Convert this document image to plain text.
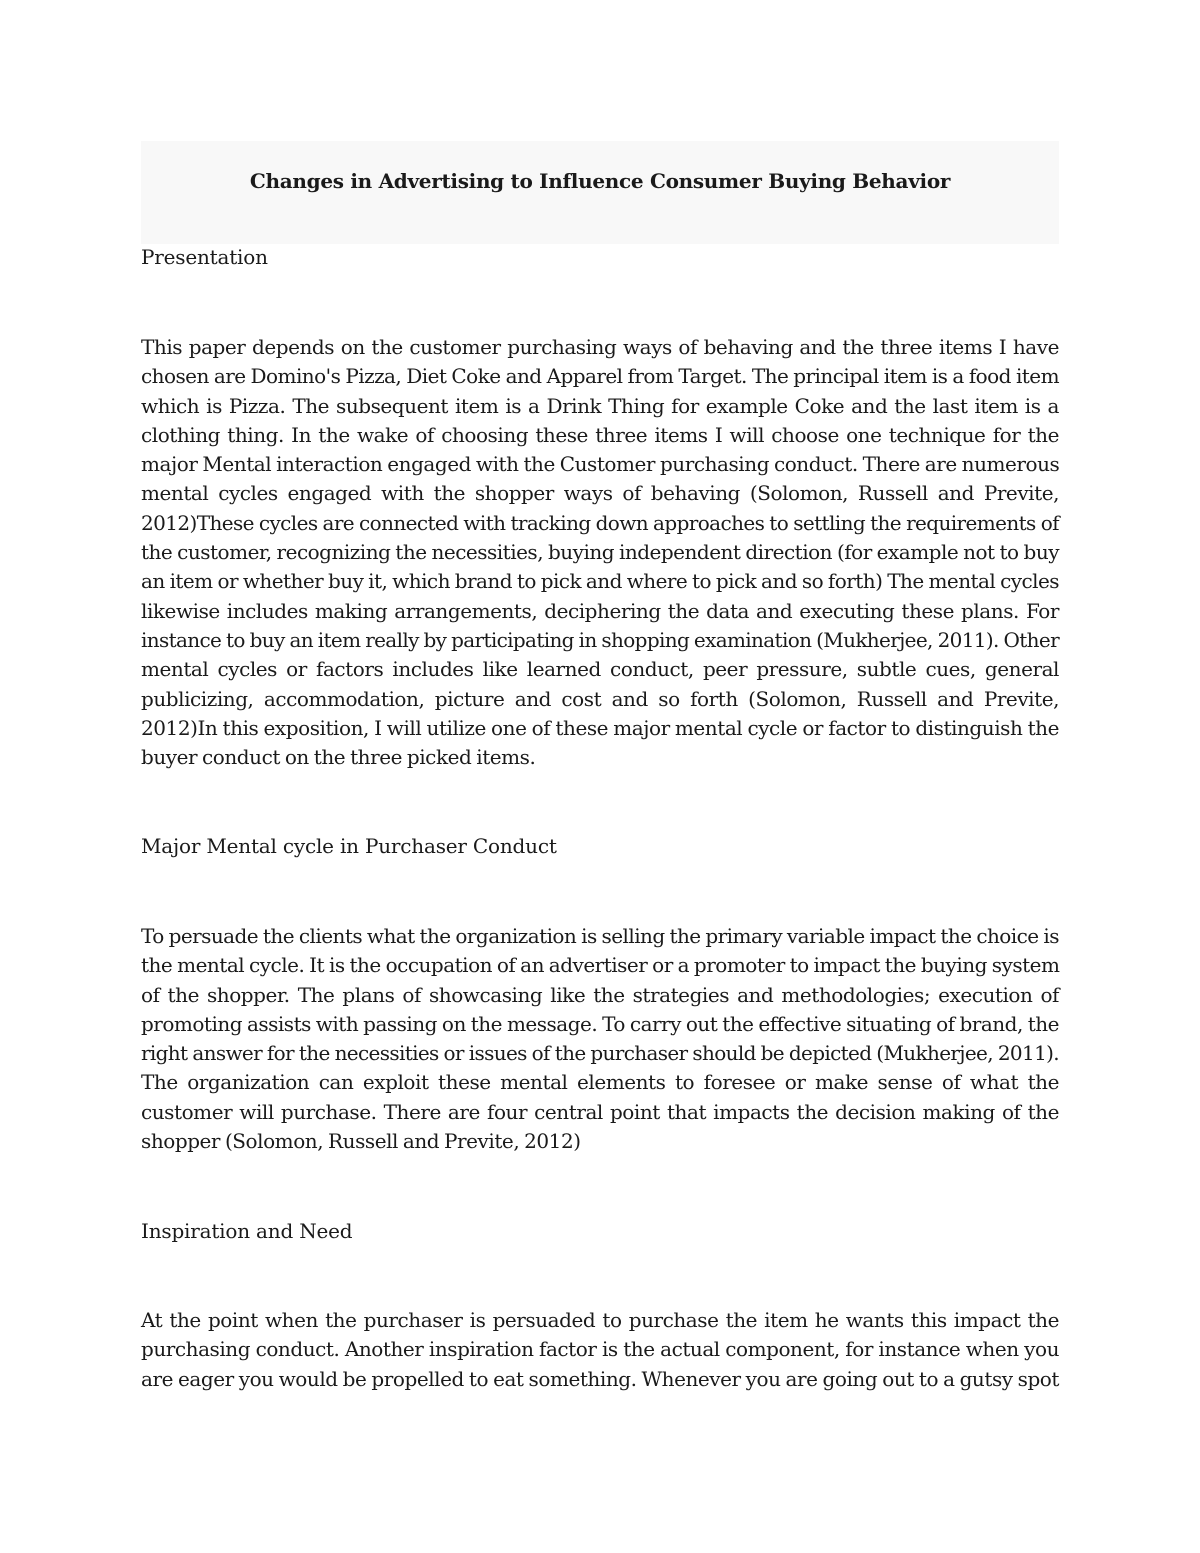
Changes in Advertising to Influence Consumer Buying Behavior

Presentation

This paper depends on the customer purchasing ways of behaving and the three items I have
chosen are Domino's Pizza, Diet Coke and Apparel from Target. The principal item is a food item
which is Pizza. The subsequent item is a Drink Thing for example Coke and the last item is a
clothing thing. In the wake of choosing these three items I will choose one technique for the
major Mental interaction engaged with the Customer purchasing conduct. There are numerous
mental cycles engaged with the shopper ways of behaving (Solomon, Russell and Previte,
2012)These cycles are connected with tracking down approaches to settling the requirements of
the customer, recognizing the necessities, buying independent direction (for example not to buy
an item or whether buy it, which brand to pick and where to pick and so forth) The mental cycles
likewise includes making arrangements, deciphering the data and executing these plans. For
instance to buy an item really by participating in shopping examination (Mukherjee, 2011). Other
mental cycles or factors includes like learned conduct, peer pressure, subtle cues, general
publicizing, accommodation, picture and cost and so forth (Solomon, Russell and Previte,
2012)In this exposition, I will utilize one of these major mental cycle or factor to distinguish the
buyer conduct on the three picked items.

Major Mental cycle in Purchaser Conduct

To persuade the clients what the organization is selling the primary variable impact the choice is
the mental cycle. It is the occupation of an advertiser or a promoter to impact the buying system
of the shopper. The plans of showcasing like the strategies and methodologies; execution of
promoting assists with passing on the message. To carry out the effective situating of brand, the
right answer for the necessities or issues of the purchaser should be depicted (Mukherjee, 2011).
The organization can exploit these mental elements to foresee or make sense of what the
customer will purchase. There are four central point that impacts the decision making of the
shopper (Solomon, Russell and Previte, 2012)

Inspiration and Need

At the point when the purchaser is persuaded to purchase the item he wants this impact the
purchasing conduct. Another inspiration factor is the actual component, for instance when you
are eager you would be propelled to eat something. Whenever you are going out to a gutsy spot
